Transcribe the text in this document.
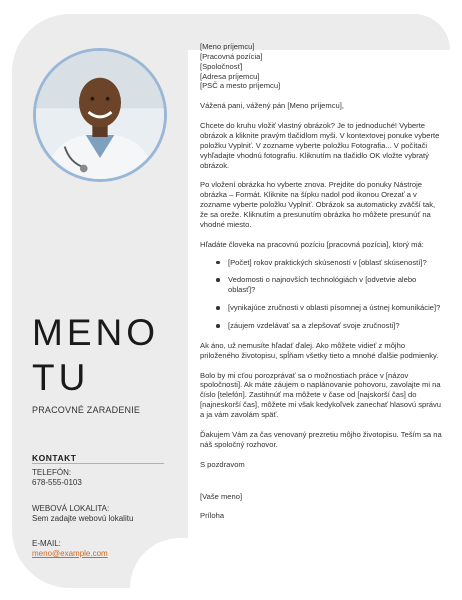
MENO
TU
PRACOVNÉ ZARADENIE
KONTAKT
TELEFÓN:
678-555-0103
WEBOVÁ LOKALITA:
Sem zadajte webovú lokalitu
E-MAIL:
meno@example.com

[Meno príjemcu]

[Pracovná pozícia]

[Spoločnosť]

[Adresa príjemcu]

[PSČ a mesto príjemcu]

Vážená pani, vážený pán [Meno príjemcu],

Chcete do kruhu vložiť vlastný obrázok? Je to jednoduché! Vyberte obrázok a kliknite pravým tlačidlom myši. V kontextovej ponuke vyberte položku Vyplniť. V zozname vyberte položku Fotografia... V počítači vyhľadajte vhodnú fotografiu. Kliknutím na tlačidlo OK vložte vybratý obrázok.

Po vložení obrázka ho vyberte znova. Prejdite do ponuky Nástroje obrázka – Formát. Kliknite na šípku nadol pod ikonou Orezať a v zozname vyberte položku Vyplniť. Obrázok sa automaticky zväčší tak, že sa oreže. Kliknutím a presunutím obrázka ho môžete presunúť na vhodné miesto.

Hľadáte človeka na pracovnú pozíciu [pracovná pozícia], ktorý má:

[Počet] rokov praktických skúseností v [oblasť skúseností]?
Vedomosti o najnovších technológiách v [odvetvie alebo oblasť]?
[vynikajúce zručnosti v oblasti písomnej a ústnej komunikácie]?
[záujem vzdelávať sa a zlepšovať svoje zručnosti]?

Ak áno, už nemusíte hľadať ďalej. Ako môžete vidieť z môjho priloženého životopisu, spĺňam všetky tieto a mnohé ďalšie podmienky.

Bolo by mi cťou porozprávať sa o možnostiach práce v [názov spoločnosti]. Ak máte záujem o naplánovanie pohovoru, zavolajte mi na číslo [telefón]. Zastihnúť ma môžete v čase od [najskorší čas] do [najneskorší čas], môžete mi však kedykoľvek zanechať hlasovú správu a ja vám zavolám späť.

Ďakujem Vám za čas venovaný prezretiu môjho životopisu. Teším sa na náš spoločný rozhovor.

S pozdravom

[Vaše meno]

Príloha
